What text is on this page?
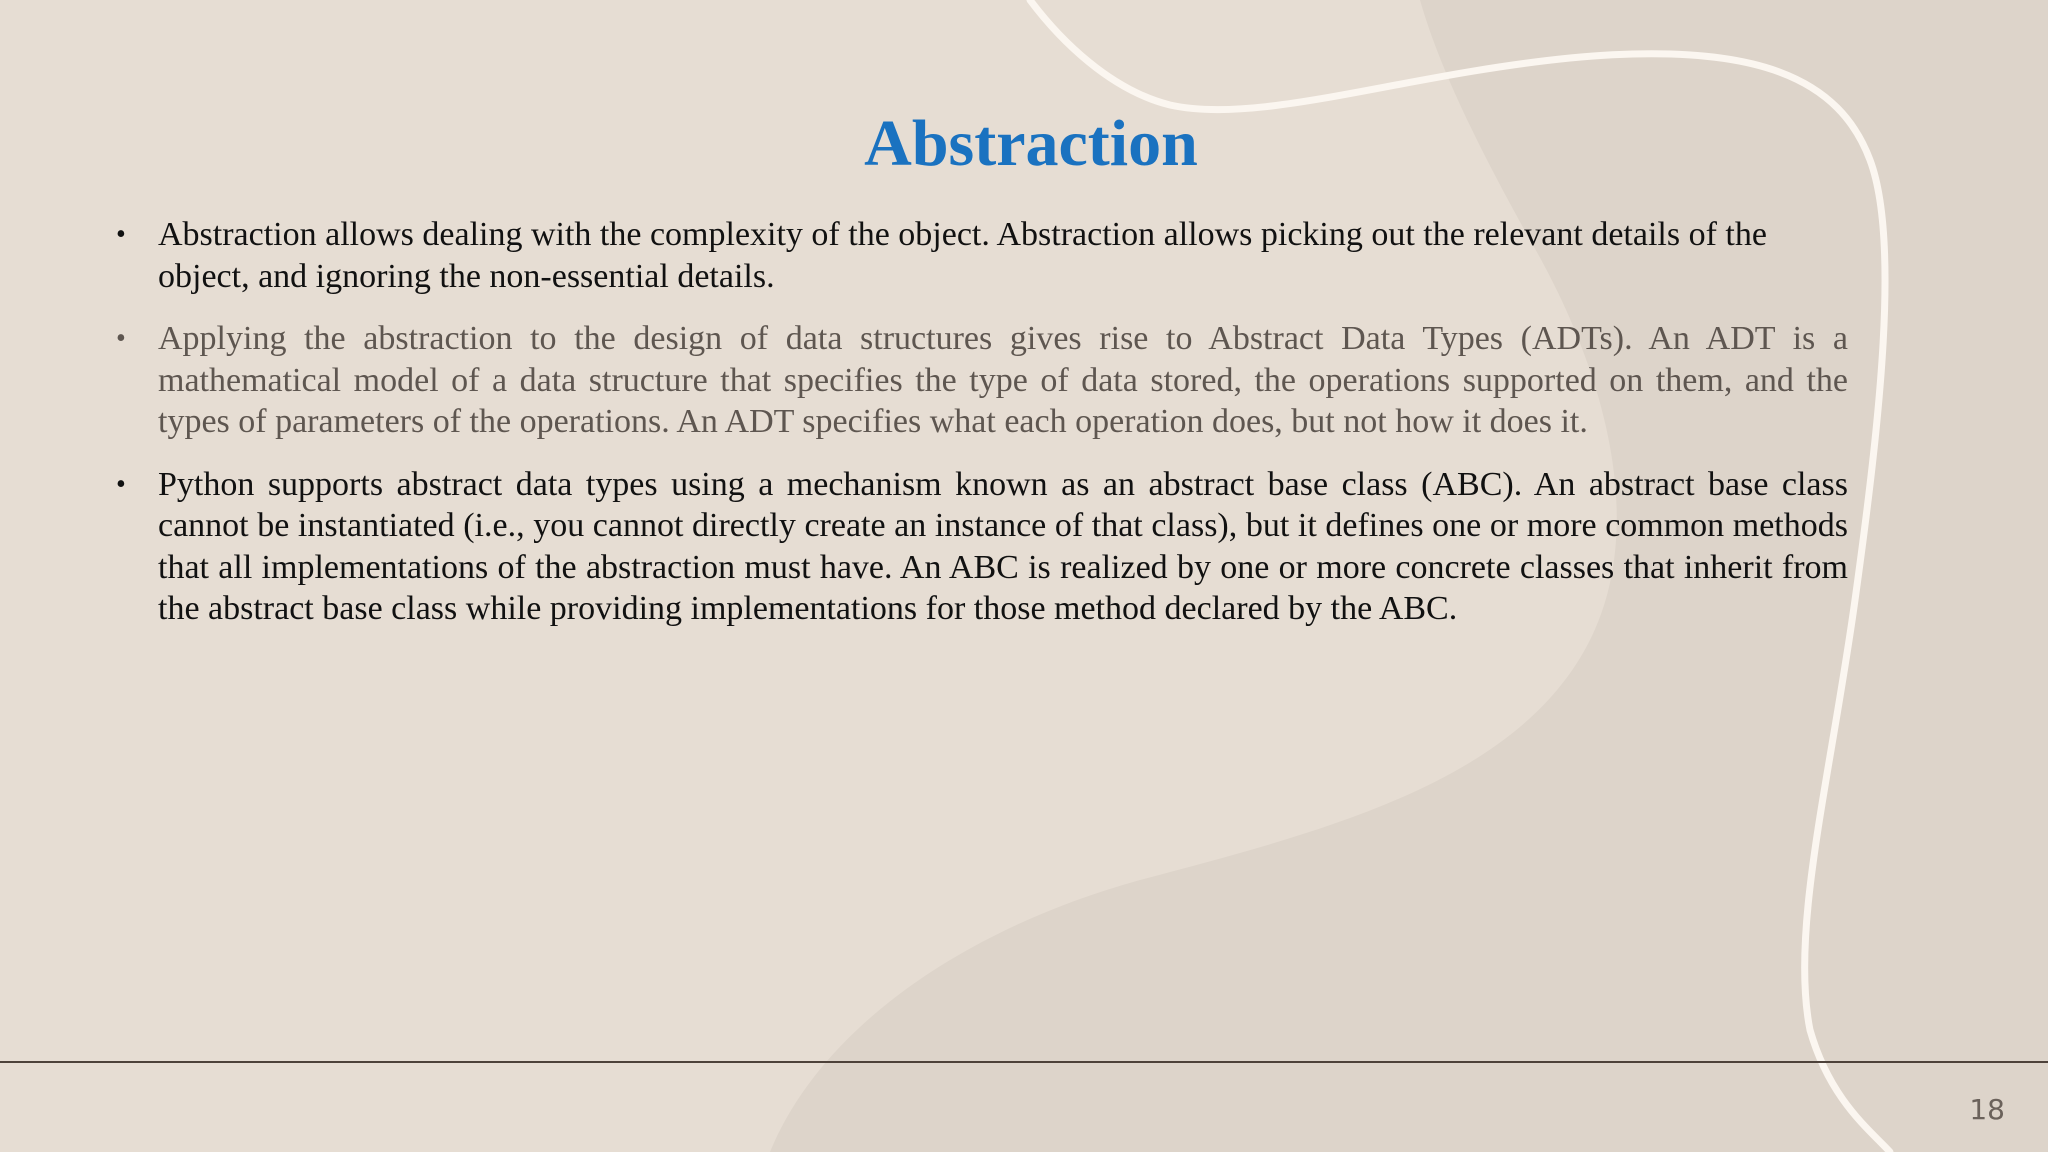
Abstraction
• Abstraction allows dealing with the complexity of the object. Abstraction allows picking out the relevant details of the object, and ignoring the non-essential details.
• Applying the abstraction to the design of data structures gives rise to Abstract Data Types (ADTs). An ADT is a mathematical model of a data structure that specifies the type of data stored, the operations supported on them, and the types of parameters of the operations. An ADT specifies what each operation does, but not how it does it.
• Python supports abstract data types using a mechanism known as an abstract base class (ABC). An abstract base class cannot be instantiated (i.e., you cannot directly create an instance of that class), but it defines one or more common methods that all implementations of the abstraction must have. An ABC is realized by one or more concrete classes that inherit from the abstract base class while providing implementations for those method declared by the ABC.
18
